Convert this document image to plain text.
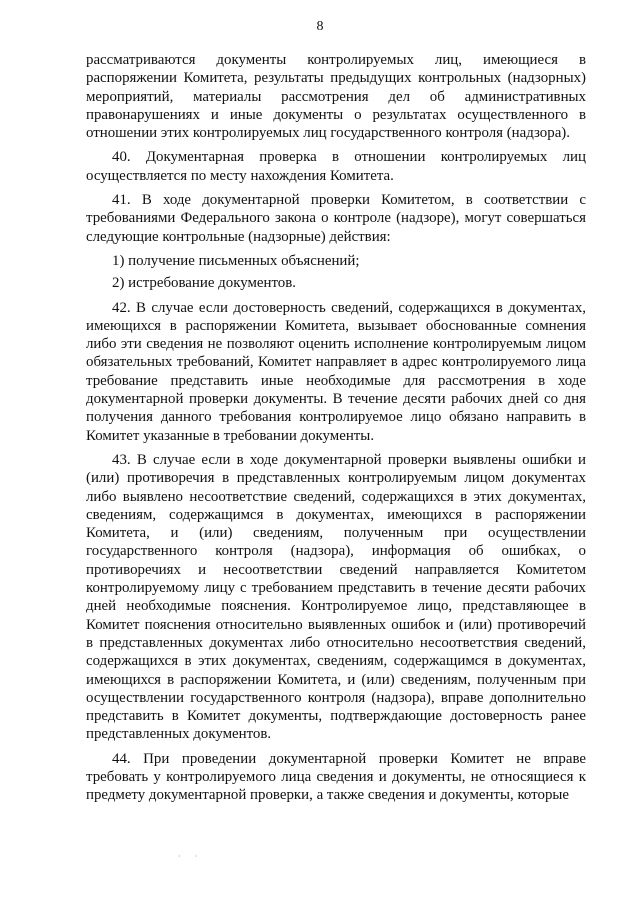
8

рассматриваются документы контролируемых лиц, имеющиеся в распоряжении Комитета, результаты предыдущих контрольных (надзорных) мероприятий, материалы рассмотрения дел об административных правонарушениях и иные документы о результатах осуществленного в отношении этих контролируемых лиц государственного контроля (надзора).

40. Документарная проверка в отношении контролируемых лиц осуществляется по месту нахождения Комитета.

41. В ходе документарной проверки Комитетом, в соответствии с требованиями Федерального закона о контроле (надзоре), могут совершаться следующие контрольные (надзорные) действия:

1) получение письменных объяснений;

2) истребование документов.

42. В случае если достоверность сведений, содержащихся в документах, имеющихся в распоряжении Комитета, вызывает обоснованные сомнения либо эти сведения не позволяют оценить исполнение контролируемым лицом обязательных требований, Комитет направляет в адрес контролируемого лица требование представить иные необходимые для рассмотрения в ходе документарной проверки документы. В течение десяти рабочих дней со дня получения данного требования контролируемое лицо обязано направить в Комитет указанные в требовании документы.

43. В случае если в ходе документарной проверки выявлены ошибки и (или) противоречия в представленных контролируемым лицом документах либо выявлено несоответствие сведений, содержащихся в этих документах, сведениям, содержащимся в документах, имеющихся в распоряжении Комитета, и (или) сведениям, полученным при осуществлении государственного контроля (надзора), информация об ошибках, о противоречиях и несоответствии сведений направляется Комитетом контролируемому лицу с требованием представить в течение десяти рабочих дней необходимые пояснения. Контролируемое лицо, представляющее в Комитет пояснения относительно выявленных ошибок и (или) противоречий в представленных документах либо относительно несоответствия сведений, содержащихся в этих документах, сведениям, содержащимся в документах, имеющихся в распоряжении Комитета, и (или) сведениям, полученным при осуществлении государственного контроля (надзора), вправе дополнительно представить в Комитет документы, подтверждающие достоверность ранее представленных документов.

44. При проведении документарной проверки Комитет не вправе требовать у контролируемого лица сведения и документы, не относящиеся к предмету документарной проверки, а также сведения и документы, которые

· ·
